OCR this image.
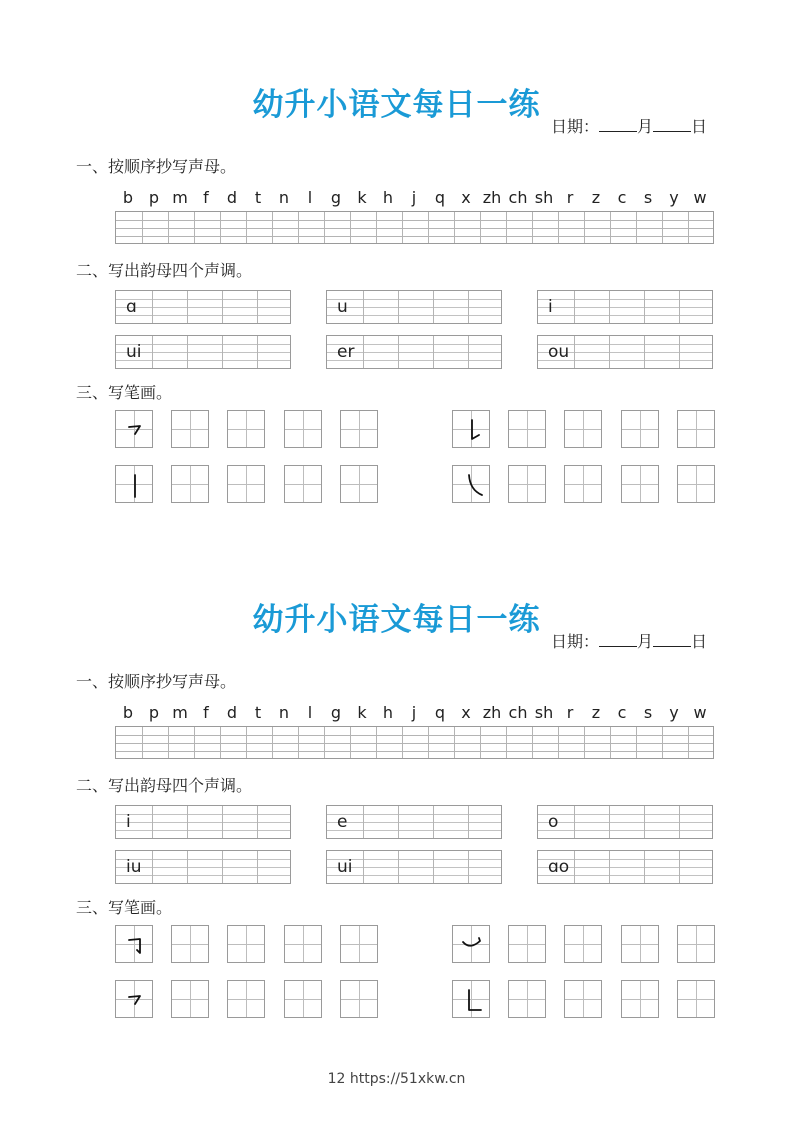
幼升小语文每日一练
日期： 月 日
一、按顺序抄写声母。
b p m f	d	t	n	l	g	k	h	j	q	x zh ch sh r	z	c	s	y w
二、写出韵母四个声调。
ɑ	u	i
ui	er	ou
三、写笔画。
幼升小语文每日一练
日期： 月 日
一、按顺序抄写声母。
b p m f	d	t	n	l	g	k	h	j	q	x zh ch sh r	z	c	s	y w
二、写出韵母四个声调。
i	e	o
iu	ui	ɑo
三、写笔画。
12 https://51xkw.cn
